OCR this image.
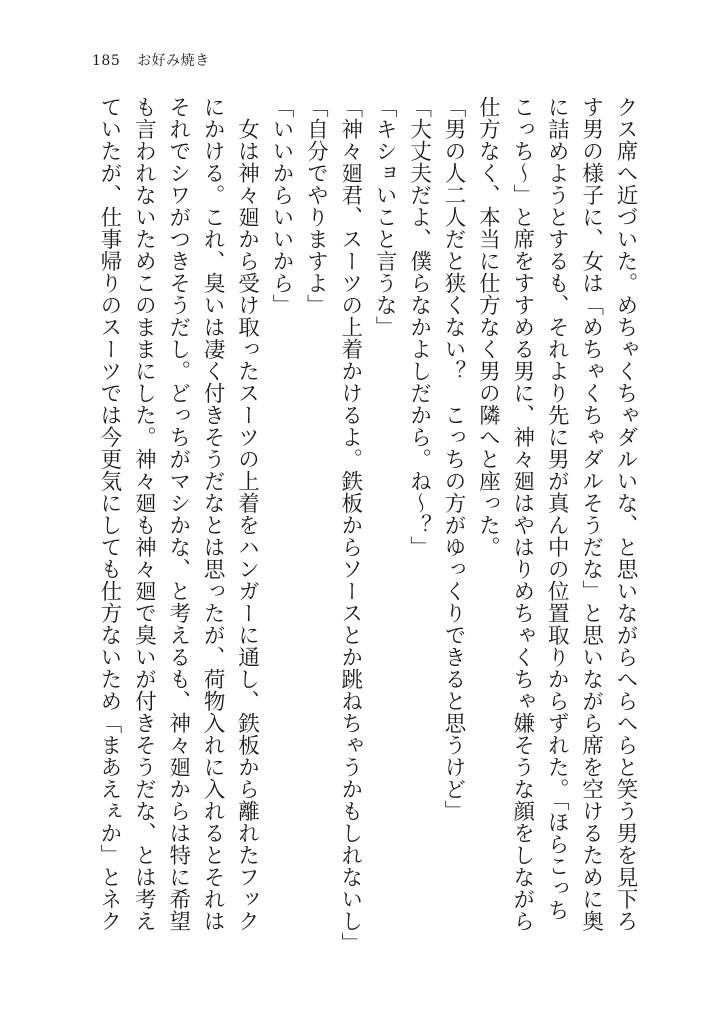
185 お好み焼き

クス席へ近づいた。めちゃくちゃダルいな、と思いながらへらへらと笑う男を見下ろ

す男の様子に、女は「めちゃくちゃダルそうだな」と思いながら席を空けるために奥

に詰めようとするも、それより先に男が真ん中の位置取りからずれた。「ほらこっち

こっち〜」と席をすすめる男に、神々廻はやはりめちゃくちゃ嫌そうな顔をしながら

仕方なく、本当に仕方なく男の隣へと座った。

「男の人二人だと狭くない？　こっちの方がゆっくりできると思うけど」

「大丈夫だよ、僕らなかよしだから。ね〜？」

「キショいこと言うな」

「神々廻君、スーツの上着かけるよ。鉄板からソースとか跳ねちゃうかもしれないし」

「自分でやりますよ」

「いいからいいから」

　女は神々廻から受け取ったスーツの上着をハンガーに通し、鉄板から離れたフック

にかける。これ、臭いは凄く付きそうだなとは思ったが、荷物入れに入れるとそれは

それでシワがつきそうだし。どっちがマシかな、と考えるも、神々廻からは特に希望

も言われないためこのままにした。神々廻も神々廻で臭いが付きそうだな、とは考え

ていたが、仕事帰りのスーツでは今更気にしても仕方ないため「まあえぇか」とネク
